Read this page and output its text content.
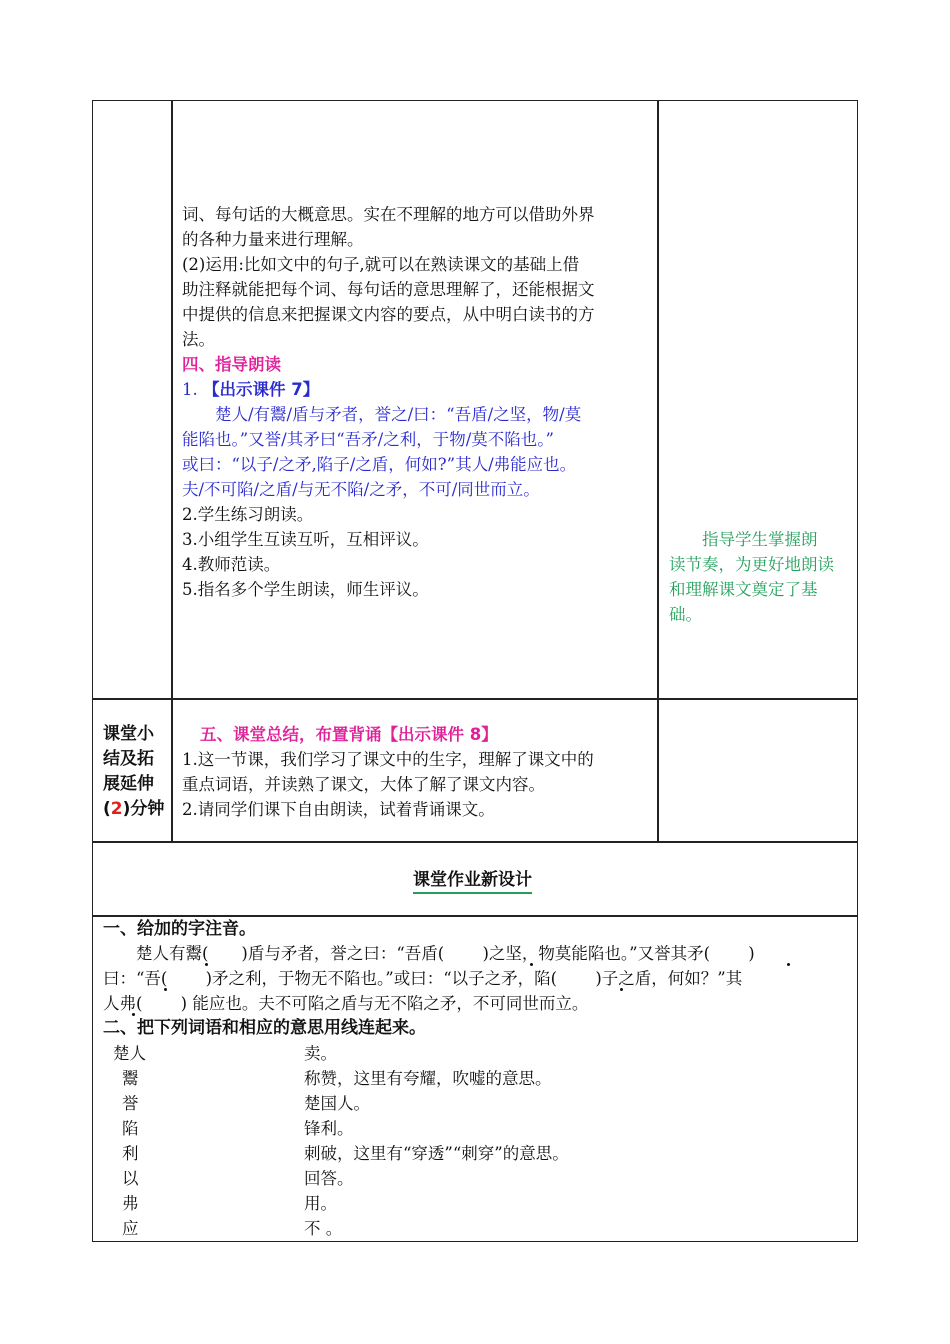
词、每句话的大概意思。实在不理解的地方可以借助外界
的各种力量来进行理解。
(2)运用:比如文中的句子,就可以在熟读课文的基础上借
助注释就能把每个词、每句话的意思理解了，还能根据文
中提供的信息来把握课文内容的要点，从中明白读书的方
法。
四、指导朗读
1. 【出示课件 7】
　　楚人/有鬻/盾与矛者，誉之/曰：“吾盾/之坚，物/莫
能陷也。”又誉/其矛曰“吾矛/之利，于物/莫不陷也。”
或曰：“以子/之矛,陷子/之盾，何如?”其人/弗能应也。
夫/不可陷/之盾/与无不陷/之矛，不可/同世而立。
2.学生练习朗读。
3.小组学生互读互听，互相评议。
4.教师范读。
5.指名多个学生朗读，师生评议。
　　指导学生掌握朗
读节奏，为更好地朗读
和理解课文奠定了基
础。
课堂小
结及拓
展延伸
(2)分钟
五、课堂总结，布置背诵【出示课件 8】
1.这一节课，我们学习了课文中的生字，理解了课文中的
重点词语，并读熟了课文，大体了解了课文内容。
2.请同学们课下自由朗读，试着背诵课文。
课堂作业新设计
一、给加的字注音。
　　楚人有鬻(　　)盾与矛者，誉之曰：“吾盾(　　 )之坚，物莫能陷也。”又誉其矛(　　 )
曰：“吾(　　 )矛之利，于物无不陷也。”或曰：“以子之矛，陷(　　 )子之盾，何如？”其
人弗(　　 ) 能应也。夫不可陷之盾与无不陷之矛，不可同世而立。
二、把下列词语和相应的意思用线连起来。
楚人
鬻
誉
陷
利
以
弗
应
卖。
称赞，这里有夸耀，吹嘘的意思。
楚国人。
锋利。
刺破，这里有“穿透”“刺穿”的意思。
回答。
用。
不 。
